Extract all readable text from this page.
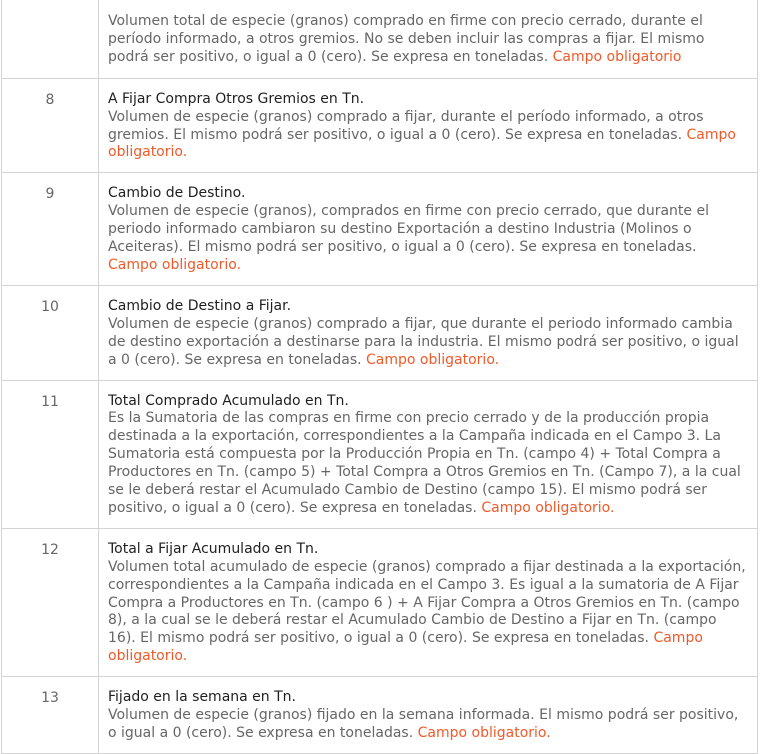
	Volumen total de especie (granos) comprado en firme con precio cerrado, durante el período informado, a otros gremios. No se deben incluir las compras a fijar. El mismo podrá ser positivo, o igual a 0 (cero). Se expresa en toneladas. Campo obligatorio
8	A Fijar Compra Otros Gremios en Tn.
Volumen de especie (granos) comprado a fijar, durante el período informado, a otros gremios. El mismo podrá ser positivo, o igual a 0 (cero). Se expresa en toneladas. Campo obligatorio.
9	Cambio de Destino.
Volumen de especie (granos), comprados en firme con precio cerrado, que durante el periodo informado cambiaron su destino Exportación a destino Industria (Molinos o Aceiteras). El mismo podrá ser positivo, o igual a 0 (cero). Se expresa en toneladas. Campo obligatorio.
10	Cambio de Destino a Fijar.
Volumen de especie (granos) comprado a fijar, que durante el periodo informado cambia de destino exportación a destinarse para la industria. El mismo podrá ser positivo, o igual a 0 (cero). Se expresa en toneladas. Campo obligatorio.
11	Total Comprado Acumulado en Tn.
Es la Sumatoria de las compras en firme con precio cerrado y de la producción propia destinada a la exportación, correspondientes a la Campaña indicada en el Campo 3. La Sumatoria está compuesta por la Producción Propia en Tn. (campo 4) + Total Compra a Productores en Tn. (campo 5) + Total Compra a Otros Gremios en Tn. (Campo 7), a la cual se le deberá restar el Acumulado Cambio de Destino (campo 15). El mismo podrá ser positivo, o igual a 0 (cero). Se expresa en toneladas. Campo obligatorio.
12	Total a Fijar Acumulado en Tn.
Volumen total acumulado de especie (granos) comprado a fijar destinada a la exportación, correspondientes a la Campaña indicada en el Campo 3. Es igual a la sumatoria de A Fijar Compra a Productores en Tn. (campo 6 ) + A Fijar Compra a Otros Gremios en Tn. (campo 8), a la cual se le deberá restar el Acumulado Cambio de Destino a Fijar en Tn. (campo 16). El mismo podrá ser positivo, o igual a 0 (cero). Se expresa en toneladas. Campo obligatorio.
13	Fijado en la semana en Tn.
Volumen de especie (granos) fijado en la semana informada. El mismo podrá ser positivo, o igual a 0 (cero). Se expresa en toneladas. Campo obligatorio.
